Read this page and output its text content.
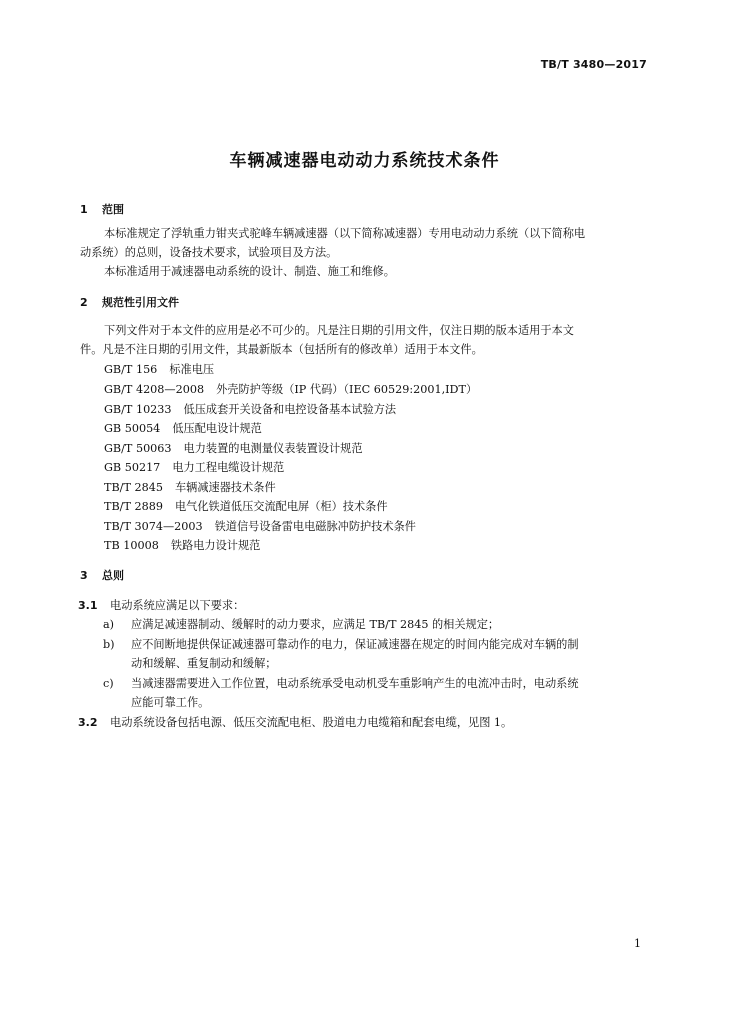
TB/T 3480—2017
车辆减速器电动动力系统技术条件
1 范围
本标准规定了浮轨重力钳夹式驼峰车辆减速器（以下简称减速器）专用电动动力系统（以下简称电
动系统）的总则，设备技术要求，试验项目及方法。
本标准适用于减速器电动系统的设计、制造、施工和维修。
2 规范性引用文件
下列文件对于本文件的应用是必不可少的。凡是注日期的引用文件，仅注日期的版本适用于本文
件。凡是不注日期的引用文件，其最新版本（包括所有的修改单）适用于本文件。
GB/T 156 标准电压
GB/T 4208—2008 外壳防护等级（IP 代码）（IEC 60529:2001,IDT）
GB/T 10233 低压成套开关设备和电控设备基本试验方法
GB 50054 低压配电设计规范
GB/T 50063 电力装置的电测量仪表装置设计规范
GB 50217 电力工程电缆设计规范
TB/T 2845 车辆减速器技术条件
TB/T 2889 电气化铁道低压交流配电屏（柜）技术条件
TB/T 3074—2003 铁道信号设备雷电电磁脉冲防护技术条件
TB 10008 铁路电力设计规范
3 总则
3.1 电动系统应满足以下要求：
a) 应满足减速器制动、缓解时的动力要求，应满足 TB/T 2845 的相关规定；
b) 应不间断地提供保证减速器可靠动作的电力，保证减速器在规定的时间内能完成对车辆的制
动和缓解、重复制动和缓解；
c) 当减速器需要进入工作位置，电动系统承受电动机受车重影响产生的电流冲击时，电动系统
应能可靠工作。
3.2 电动系统设备包括电源、低压交流配电柜、股道电力电缆箱和配套电缆，见图 1。
1
